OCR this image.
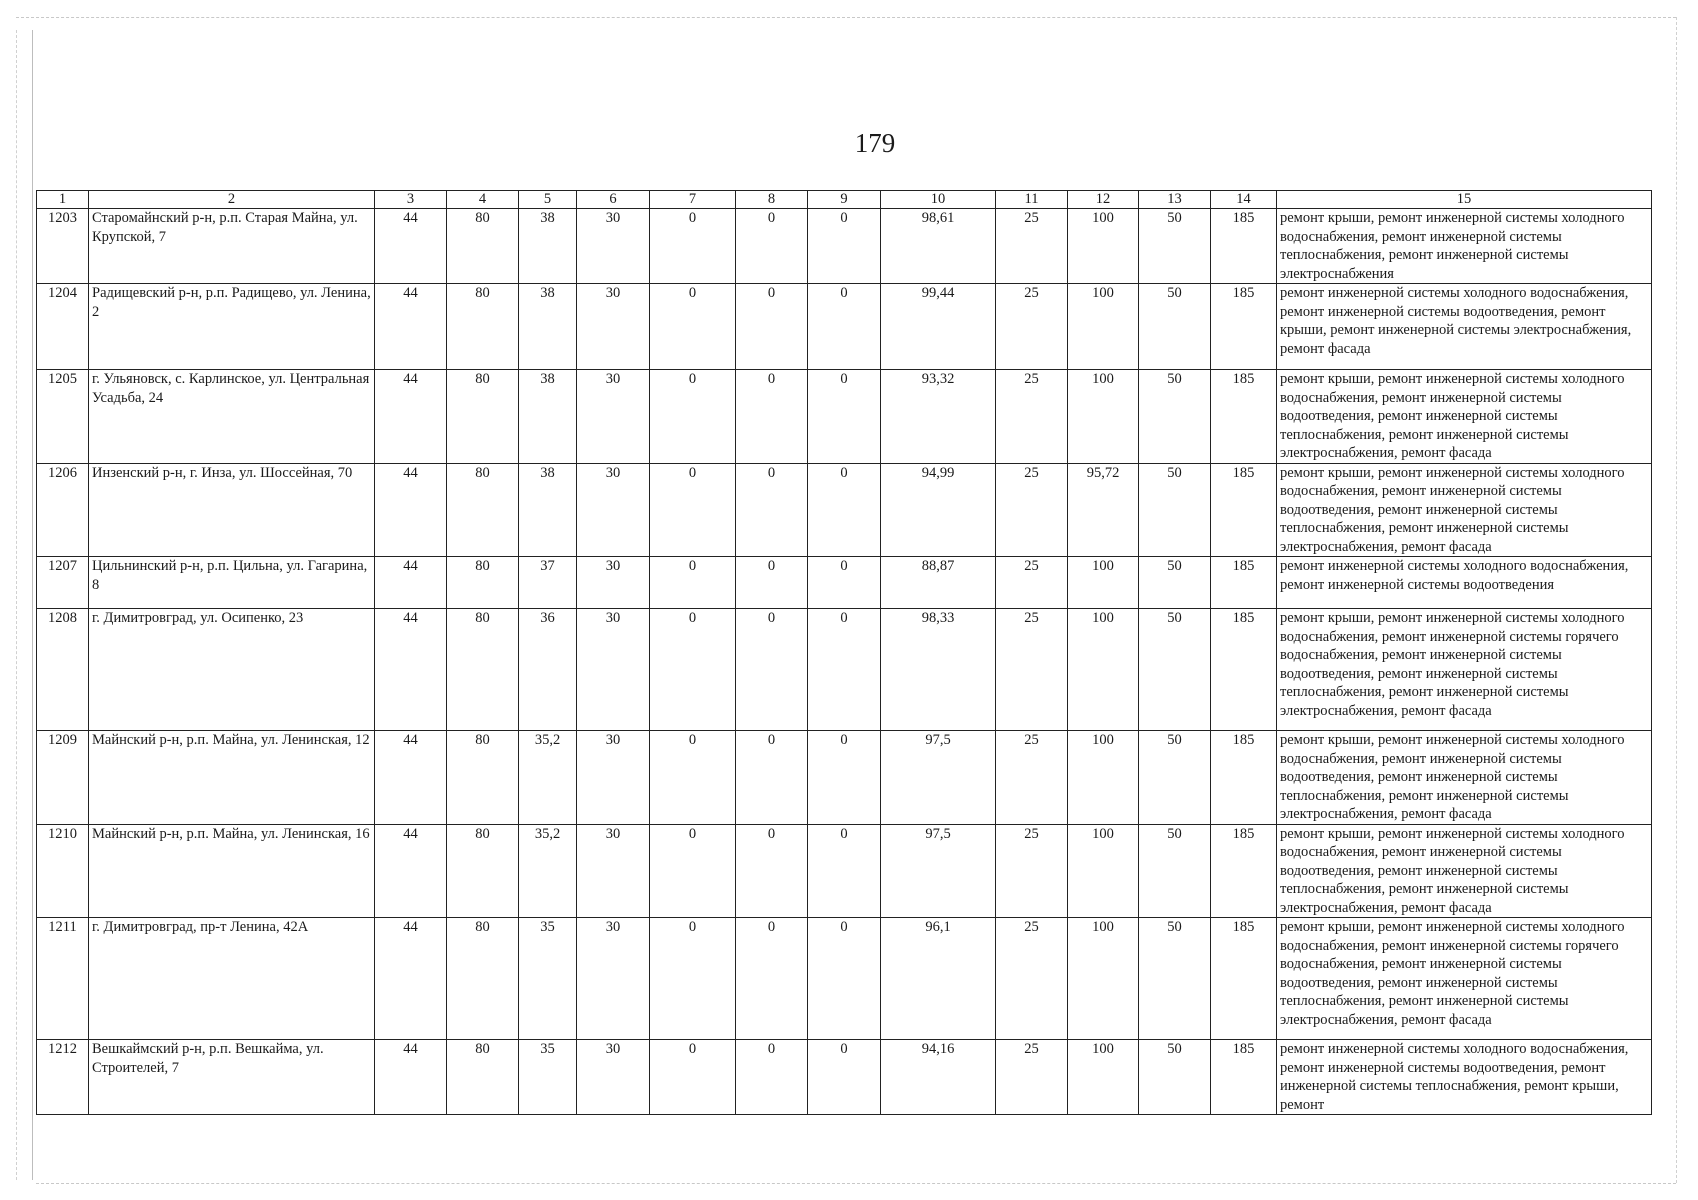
179
1	2	3	4	5	6	7	8	9	10	11	12	13	14	15
1203	Старомайнский р-н, р.п. Старая Майна, ул. Крупской, 7	44	80	38	30	0	0	0	98,61	25	100	50	185	ремонт крыши, ремонт инженерной системы холодного водоснабжения, ремонт инженерной системы теплоснабжения, ремонт инженерной системы электроснабжения
1204	Радищевский р-н, р.п. Радищево, ул. Ленина, 2	44	80	38	30	0	0	0	99,44	25	100	50	185	ремонт инженерной системы холодного водоснабжения, ремонт инженерной системы водоотведения, ремонт крыши, ремонт инженерной системы электроснабжения, ремонт фасада
1205	г. Ульяновск, с. Карлинское, ул. Центральная Усадьба, 24	44	80	38	30	0	0	0	93,32	25	100	50	185	ремонт крыши, ремонт инженерной системы холодного водоснабжения, ремонт инженерной системы водоотведения, ремонт инженерной системы теплоснабжения, ремонт инженерной системы электроснабжения, ремонт фасада
1206	Инзенский р-н, г. Инза, ул. Шоссейная, 70	44	80	38	30	0	0	0	94,99	25	95,72	50	185	ремонт крыши, ремонт инженерной системы холодного водоснабжения, ремонт инженерной системы водоотведения, ремонт инженерной системы теплоснабжения, ремонт инженерной системы электроснабжения, ремонт фасада
1207	Цильнинский р-н, р.п. Цильна, ул. Гагарина, 8	44	80	37	30	0	0	0	88,87	25	100	50	185	ремонт инженерной системы холодного водоснабжения, ремонт инженерной системы водоотведения
1208	г. Димитровград, ул. Осипенко, 23	44	80	36	30	0	0	0	98,33	25	100	50	185	ремонт крыши, ремонт инженерной системы холодного водоснабжения, ремонт инженерной системы горячего водоснабжения, ремонт инженерной системы водоотведения, ремонт инженерной системы теплоснабжения, ремонт инженерной системы электроснабжения, ремонт фасада
1209	Майнский р-н, р.п. Майна, ул. Ленинская, 12	44	80	35,2	30	0	0	0	97,5	25	100	50	185	ремонт крыши, ремонт инженерной системы холодного водоснабжения, ремонт инженерной системы водоотведения, ремонт инженерной системы теплоснабжения, ремонт инженерной системы электроснабжения, ремонт фасада
1210	Майнский р-н, р.п. Майна, ул. Ленинская, 16	44	80	35,2	30	0	0	0	97,5	25	100	50	185	ремонт крыши, ремонт инженерной системы холодного водоснабжения, ремонт инженерной системы водоотведения, ремонт инженерной системы теплоснабжения, ремонт инженерной системы электроснабжения, ремонт фасада
1211	г. Димитровград, пр-т Ленина, 42А	44	80	35	30	0	0	0	96,1	25	100	50	185	ремонт крыши, ремонт инженерной системы холодного водоснабжения, ремонт инженерной системы горячего водоснабжения, ремонт инженерной системы водоотведения, ремонт инженерной системы теплоснабжения, ремонт инженерной системы электроснабжения, ремонт фасада
1212	Вешкаймский р-н, р.п. Вешкайма, ул. Строителей, 7	44	80	35	30	0	0	0	94,16	25	100	50	185	ремонт инженерной системы холодного водоснабжения, ремонт инженерной системы водоотведения, ремонт инженерной системы теплоснабжения, ремонт крыши, ремонт
